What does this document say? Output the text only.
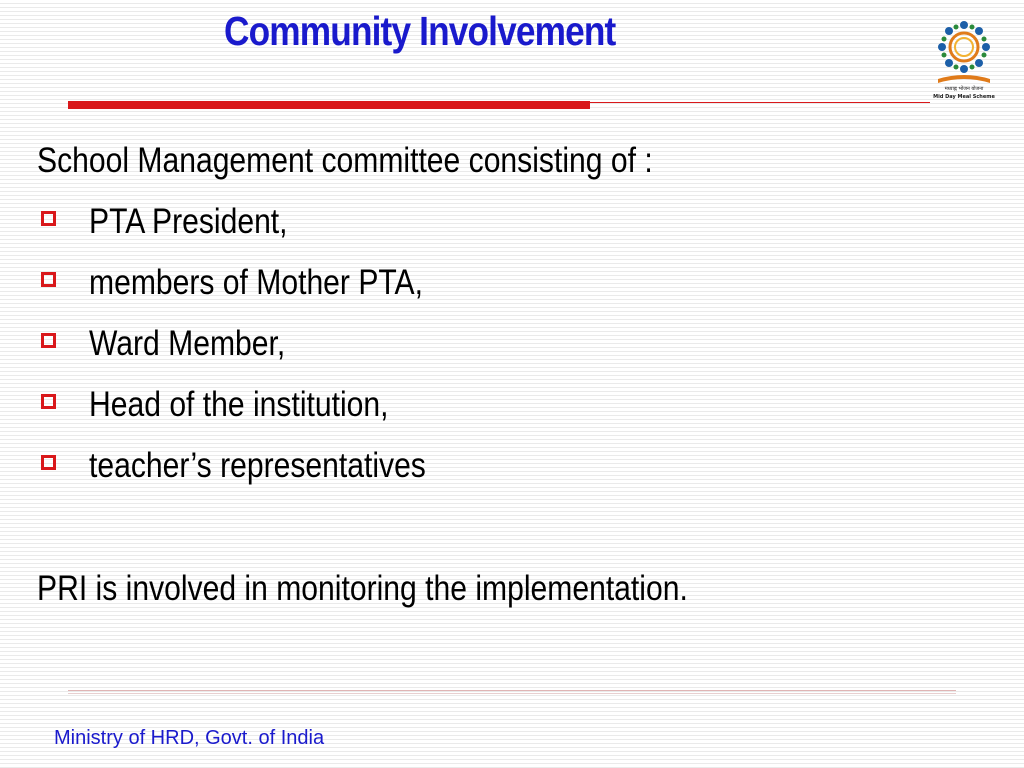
Community Involvement
मध्याह्न भोजन योजना
Mid Day Meal Scheme
School Management committee consisting of :
PTA President,
members of Mother PTA,
Ward Member,
Head of the institution,
teacher’s representatives
PRI is involved in monitoring the implementation.
Ministry of HRD, Govt. of India
